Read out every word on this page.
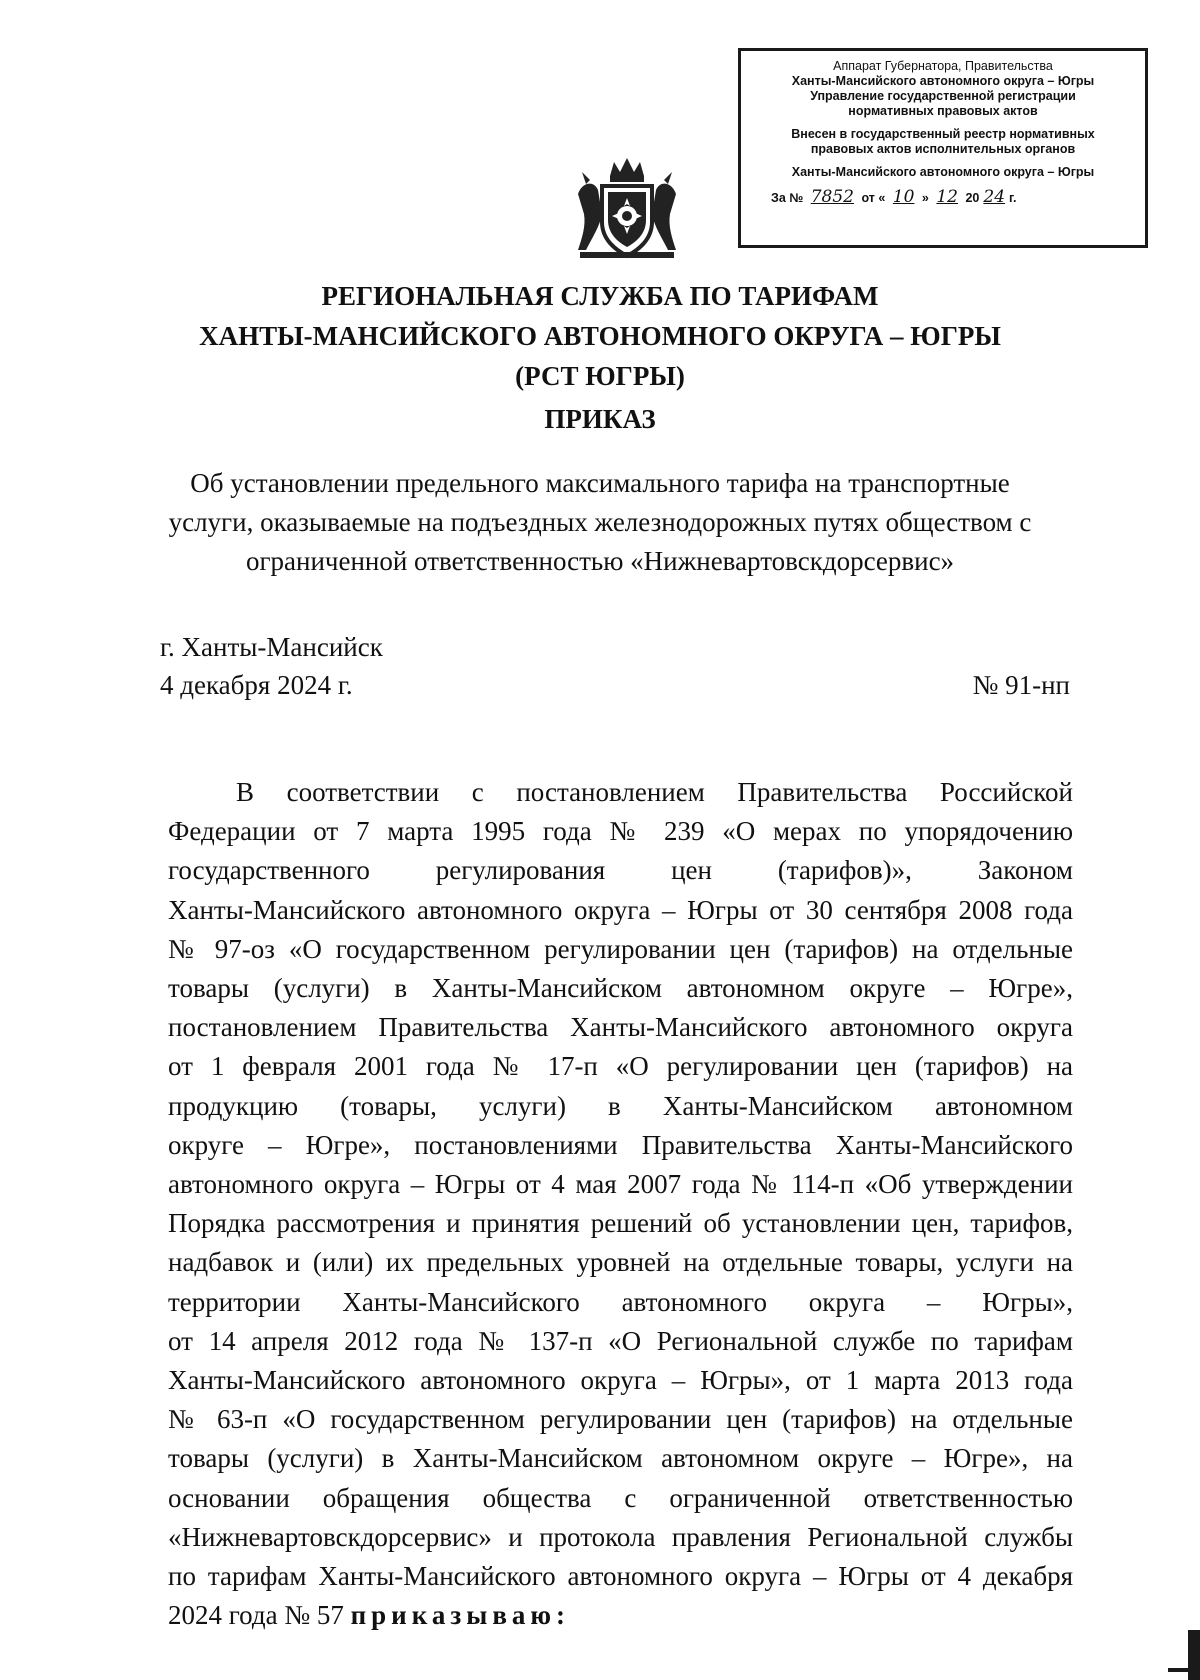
Аппарат Губернатора, Правительства
Ханты-Мансийского автономного округа – Югры
Управление государственной регистрации
нормативных правовых актов
Внесен в государственный реестр нормативных
правовых актов исполнительных органов
Ханты-Мансийского автономного округа – Югры
За № 7852 от « 10 » 12 20 24 г.
РЕГИОНАЛЬНАЯ СЛУЖБА ПО ТАРИФАМ
ХАНТЫ-МАНСИЙСКОГО АВТОНОМНОГО ОКРУГА – ЮГРЫ
(РСТ ЮГРЫ)
ПРИКАЗ
Об установлении предельного максимального тарифа на транспортные
услуги, оказываемые на подъездных железнодорожных путях обществом с
ограниченной ответственностью «Нижневартовскдорсервис»
г. Ханты-Мансийск
4 декабря 2024 г.	№ 91-нп
В соответствии с постановлением Правительства Российской
Федерации от 7 марта 1995 года № 239 «О мерах по упорядочению
государственного регулирования цен (тарифов)», Законом
Ханты-Мансийского автономного округа – Югры от 30 сентября 2008 года
№ 97-оз «О государственном регулировании цен (тарифов) на отдельные
товары (услуги) в Ханты-Мансийском автономном округе – Югре»,
постановлением Правительства Ханты-Мансийского автономного округа
от 1 февраля 2001 года № 17-п «О регулировании цен (тарифов) на
продукцию (товары, услуги) в Ханты-Мансийском автономном
округе – Югре», постановлениями Правительства Ханты-Мансийского
автономного округа – Югры от 4 мая 2007 года № 114-п «Об утверждении
Порядка рассмотрения и принятия решений об установлении цен, тарифов,
надбавок и (или) их предельных уровней на отдельные товары, услуги на
территории Ханты-Мансийского автономного округа – Югры»,
от 14 апреля 2012 года № 137-п «О Региональной службе по тарифам
Ханты-Мансийского автономного округа – Югры», от 1 марта 2013 года
№ 63-п «О государственном регулировании цен (тарифов) на отдельные
товары (услуги) в Ханты-Мансийском автономном округе – Югре», на
основании обращения общества с ограниченной ответственностью
«Нижневартовскдорсервис» и протокола правления Региональной службы
по тарифам Ханты-Мансийского автономного округа – Югры от 4 декабря
2024 года № 57 приказываю:
